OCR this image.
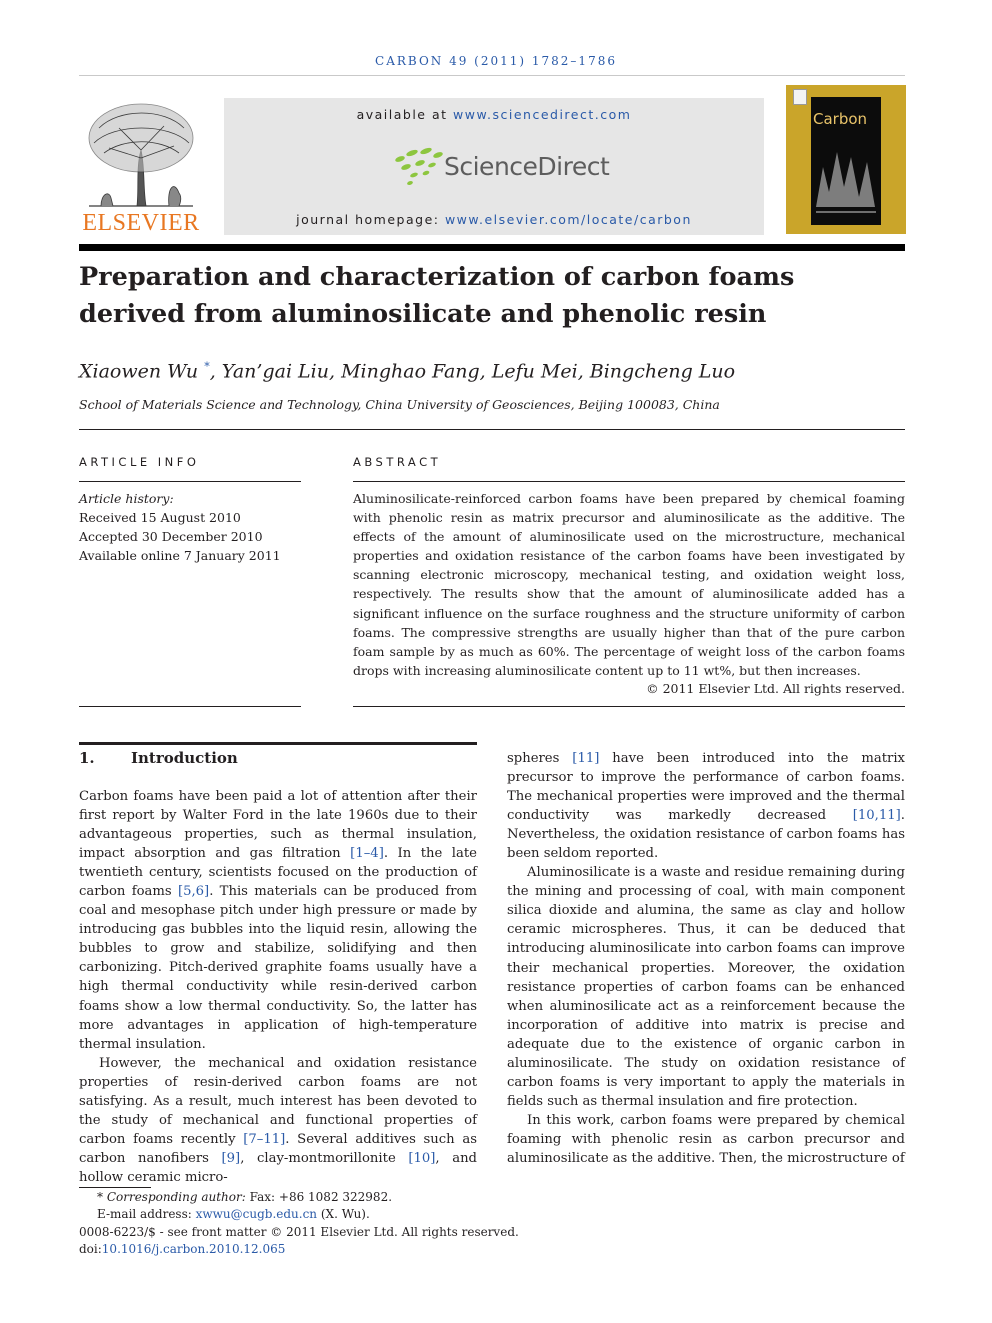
CARBON 49 (2011) 1782–1786
ELSEVIER
available at www.sciencedirect.com
ScienceDirect
journal homepage: www.elsevier.com/locate/carbon
Carbon
Preparation and characterization of carbon foams derived from aluminosilicate and phenolic resin
Xiaowen Wu *, Yan’gai Liu, Minghao Fang, Lefu Mei, Bingcheng Luo
School of Materials Science and Technology, China University of Geosciences, Beijing 100083, China
ARTICLE INFO	ABSTRACT
Article history:
Received 15 August 2010
Accepted 30 December 2010
Available online 7 January 2011
Aluminosilicate-reinforced carbon foams have been prepared by chemical foaming with phenolic resin as matrix precursor and aluminosilicate as the additive. The effects of the amount of aluminosilicate used on the microstructure, mechanical properties and oxidation resistance of the carbon foams have been investigated by scanning electronic microscopy, mechanical testing, and oxidation weight loss, respectively. The results show that the amount of aluminosilicate added has a significant influence on the surface roughness and the structure uniformity of carbon foams. The compressive strengths are usually higher than that of the pure carbon foam sample by as much as 60%. The percentage of weight loss of the carbon foams drops with increasing aluminosilicate content up to 11 wt%, but then increases.
© 2011 Elsevier Ltd. All rights reserved.
1. Introduction

Carbon foams have been paid a lot of attention after their first report by Walter Ford in the late 1960s due to their advantageous properties, such as thermal insulation, impact absorption and gas filtration [1–4]. In the late twentieth century, scientists focused on the production of carbon foams [5,6]. This materials can be produced from coal and mesophase pitch under high pressure or made by introducing gas bubbles into the liquid resin, allowing the bubbles to grow and stabilize, solidifying and then carbonizing. Pitch-derived graphite foams usually have a high thermal conductivity while resin-derived carbon foams show a low thermal conductivity. So, the latter has more advantages in application of high-temperature thermal insulation.

However, the mechanical and oxidation resistance properties of resin-derived carbon foams are not satisfying. As a result, much interest has been devoted to the study of mechanical and functional properties of carbon foams recently [7–11]. Several additives such as carbon nanofibers [9], clay-montmorillonite [10], and hollow ceramic micro-

spheres [11] have been introduced into the matrix precursor to improve the performance of carbon foams. The mechanical properties were improved and the thermal conductivity was markedly decreased [10,11]. Nevertheless, the oxidation resistance of carbon foams has been seldom reported.

Aluminosilicate is a waste and residue remaining during the mining and processing of coal, with main component silica dioxide and alumina, the same as clay and hollow ceramic microspheres. Thus, it can be deduced that introducing aluminosilicate into carbon foams can improve their mechanical properties. Moreover, the oxidation resistance properties of carbon foams can be enhanced when aluminosilicate act as a reinforcement because the incorporation of additive into matrix is precise and adequate due to the existence of organic carbon in aluminosilicate. The study on oxidation resistance of carbon foams is very important to apply the materials in fields such as thermal insulation and fire protection.

In this work, carbon foams were prepared by chemical foaming with phenolic resin as carbon precursor and aluminosilicate as the additive. Then, the microstructure of

* Corresponding author: Fax: +86 1082 322982.
E-mail address: xwwu@cugb.edu.cn (X. Wu).
0008-6223/$ - see front matter © 2011 Elsevier Ltd. All rights reserved.
doi:10.1016/j.carbon.2010.12.065
